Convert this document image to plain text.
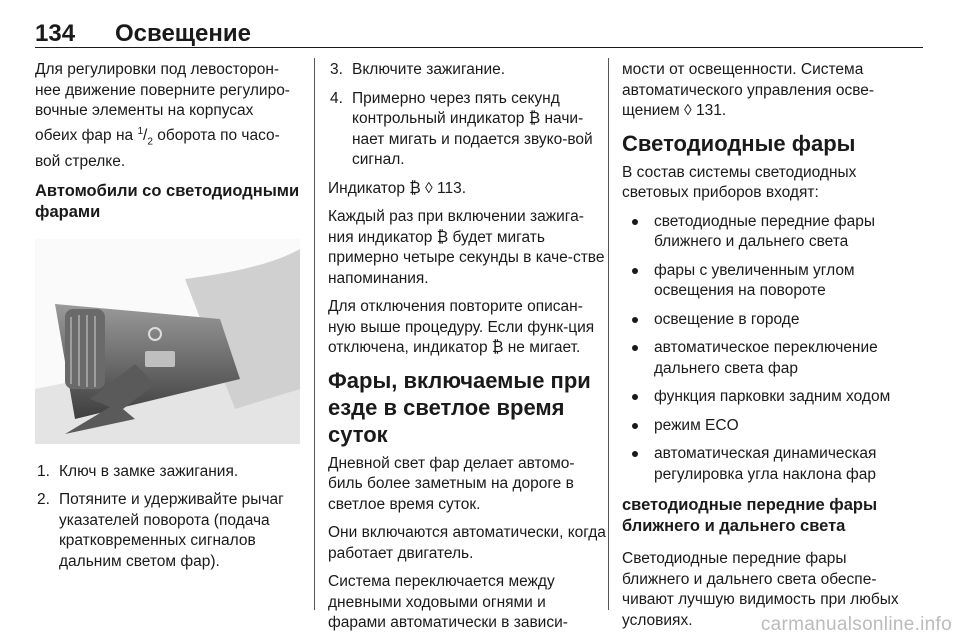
134 Освещение

Для регулировки под левосторон-нее движение поверните регулиро-вочные элементы на корпусах обеих фар на $^1/_2$ оборота по часо-вой стрелке.

Автомобили со светодиодными фарами
1. Ключ в замке зажигания.
2. Потяните и удерживайте рычаг указателей поворота (подача кратковременных сигналов дальним светом фар).
3. Включите зажигание.
4. Примерно через пять секунд контрольный индикатор ₿ начи-нает мигать и подается звуко-вой сигнал.

Индикатор ₿ ◊ 113.

Каждый раз при включении зажига-ния индикатор ₿ будет мигать примерно четыре секунды в каче-стве напоминания.

Для отключения повторите описан-ную выше процедуру. Если функ-ция отключена, индикатор ₿ не мигает.

Фары, включаемые при езде в светлое время суток

Дневной свет фар делает автомо-биль более заметным на дороге в светлое время суток.

Они включаются автоматически, когда работает двигатель.

Система переключается между дневными ходовыми огнями и фарами автоматически в зависи-

мости от освещенности. Система автоматического управления осве-щением ◊ 131.

Светодиодные фары

В состав системы светодиодных световых приборов входят:

светодиодные передние фары ближнего и дальнего света
фары с увеличенным углом освещения на повороте
освещение в городе
автоматическое переключение дальнего света фар
функция парковки задним ходом
режим ECO
автоматическая динамическая регулировка угла наклона фар
светодиодные передние фары ближнего и дальнего света

Светодиодные передние фары ближнего и дальнего света обеспе-чивают лучшую видимость при любых условиях.	carmanualsonline.info
